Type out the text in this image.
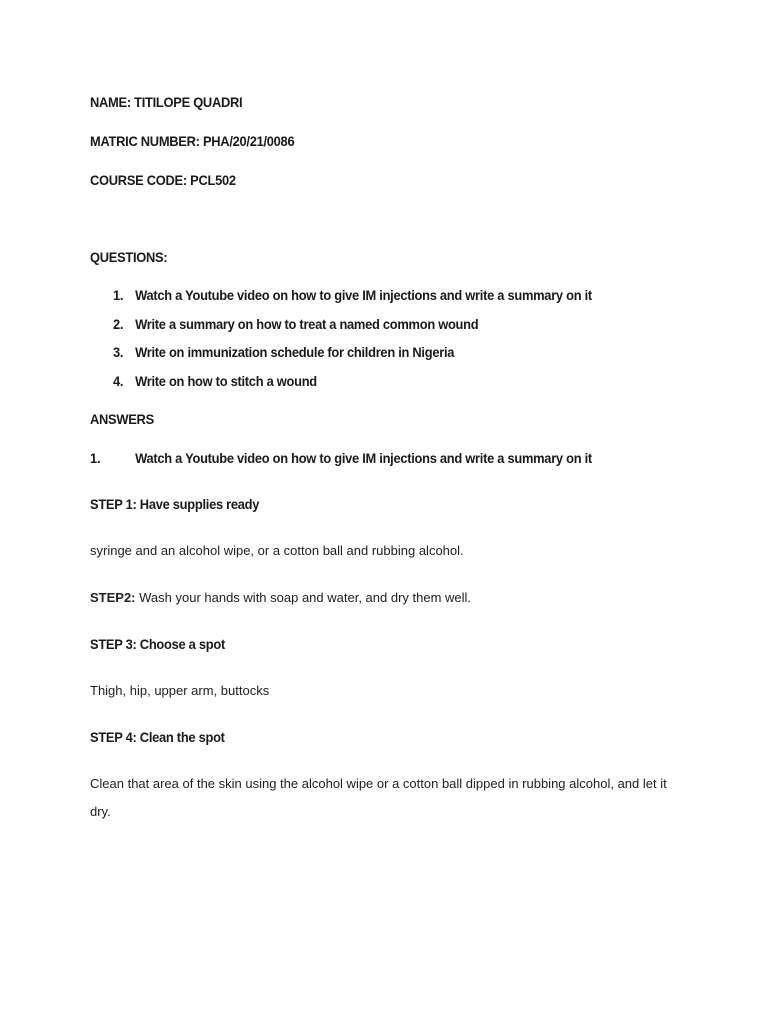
NAME: TITILOPE QUADRI
MATRIC NUMBER: PHA/20/21/0086
COURSE CODE: PCL502
QUESTIONS:
1. Watch a Youtube video on how to give IM injections and write a summary on it
2. Write a summary on how to treat a named common wound
3. Write on immunization schedule for children in Nigeria
4. Write on how to stitch a wound
ANSWERS
1. Watch a Youtube video on how to give IM injections and write a summary on it
STEP 1: Have supplies ready
syringe and an alcohol wipe, or a cotton ball and rubbing alcohol.
STEP2: Wash your hands with soap and water, and dry them well.
STEP 3: Choose a spot
Thigh, hip, upper arm, buttocks
STEP 4: Clean the spot
Clean that area of the skin using the alcohol wipe or a cotton ball dipped in rubbing alcohol, and let it dry.
